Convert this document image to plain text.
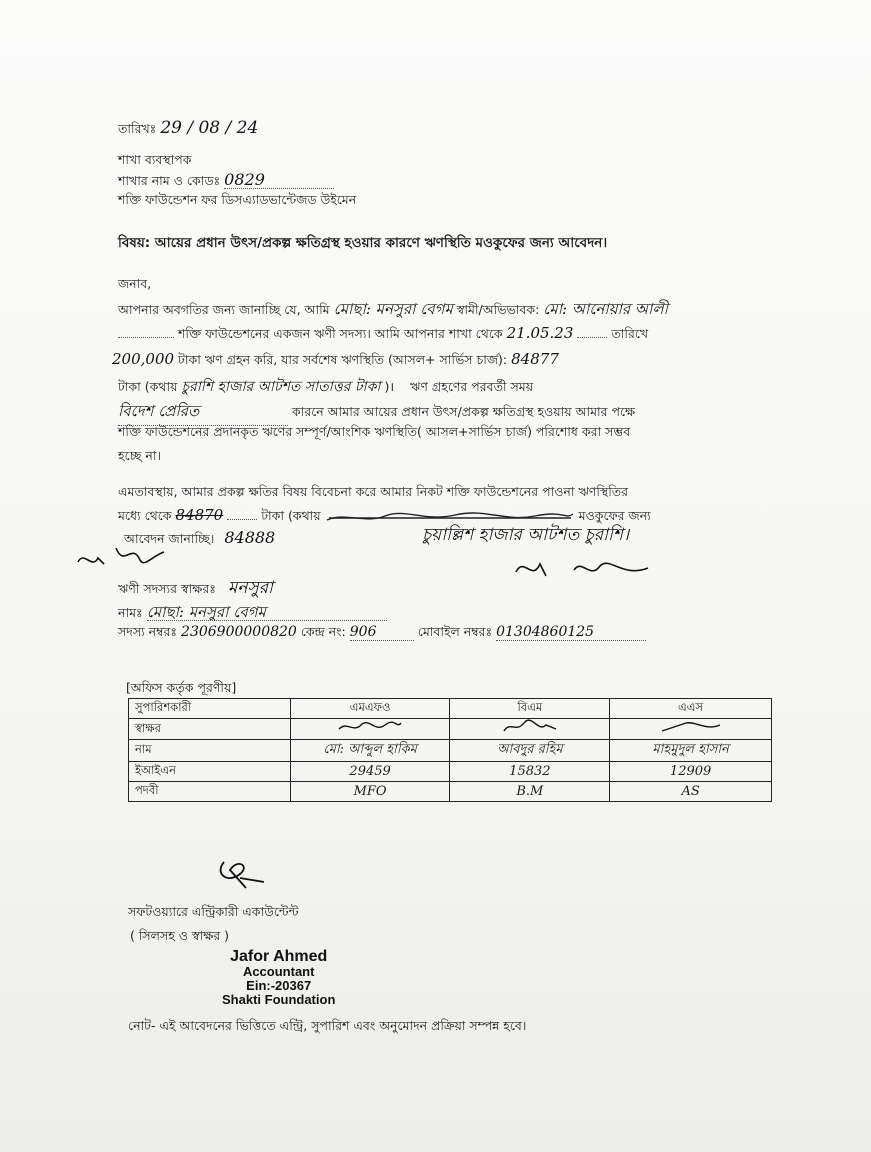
তারিখঃ 29 / 08 / 24
শাখা ব্যবস্থাপক
শাখার নাম ও কোডঃ 0829
শক্তি ফাউন্ডেশন ফর ডিসএ্যাডভান্টেজড উইমেন
বিষয়: আয়ের প্রধান উৎস/প্রকল্প ক্ষতিগ্রস্থ হওয়ার কারণে ঋণস্থিতি মওকুফের জন্য আবেদন।
জনাব,
আপনার অবগতির জন্য জানাচ্ছি যে, আমি মোছা: মনসুরা বেগম স্বামী/অভিভাবক: মো: আনোয়ার আলী
শক্তি ফাউন্ডেশনের একজন ঋণী সদস্য। আমি আপনার শাখা থেকে 21.05.23	তারিখে
200,000 টাকা ঋণ গ্রহন করি, যার সর্বশেষ ঋণস্থিতি (আসল+ সার্ভিস চার্জ): 84877
টাকা (কথায় চুরাশি হাজার আটশত সাতাত্তর টাকা )। ঋণ গ্রহণের পরবর্তী সময়
বিদেশ প্রেরিত	কারনে আমার আয়ের প্রধান উৎস/প্রকল্প ক্ষতিগ্রস্থ হওয়ায় আমার পক্ষে
শক্তি ফাউন্ডেশনের প্রদানকৃত ঋণের সম্পূর্ণ/আংশিক ঋণস্থিতি( আসল+সার্ভিস চার্জ) পরিশোধ করা সম্ভব
হচ্ছে না।
এমতাবস্থায়, আমার প্রকল্প ক্ষতির বিষয় বিবেচনা করে আমার নিকট শক্তি ফাউন্ডেশনের পাওনা ঋণস্থিতির
মধ্যে থেকে 84870	টাকা (কথায়	মওকুফের জন্য
আবেদন জানাচ্ছি। 84888	চুয়াল্লিশ হাজার আটশত চুরাশি।
ঋণী সদস্যর স্বাক্ষরঃ মনসুরা
নামঃ মোছা: মনসুরা বেগম
সদস্য নম্বরঃ 2306900000820 কেন্দ্র নং: 906	মোবাইল নম্বরঃ 01304860125
[অফিস কর্তৃক পূরণীয়]
সুপারিশকারী	এমএফও	বিএম	এএস
স্বাক্ষর			
নাম	মো: আব্দুল হাকিম	আবদুর রহিম	মাহমুদুল হাসান
ইআইএন	29459	15832	12909
পদবী	MFO	B.M	AS
সফটওয়্যারে এন্ট্রিকারী একাউন্টেন্ট
( সিলসহ ও স্বাক্ষর )
Jafor Ahmed
Accountant
Ein:-20367
Shakti Foundation
নোট- এই আবেদনের ভিত্তিতে এন্ট্রি, সুপারিশ এবং অনুমোদন প্রক্রিয়া সম্পন্ন হবে।
